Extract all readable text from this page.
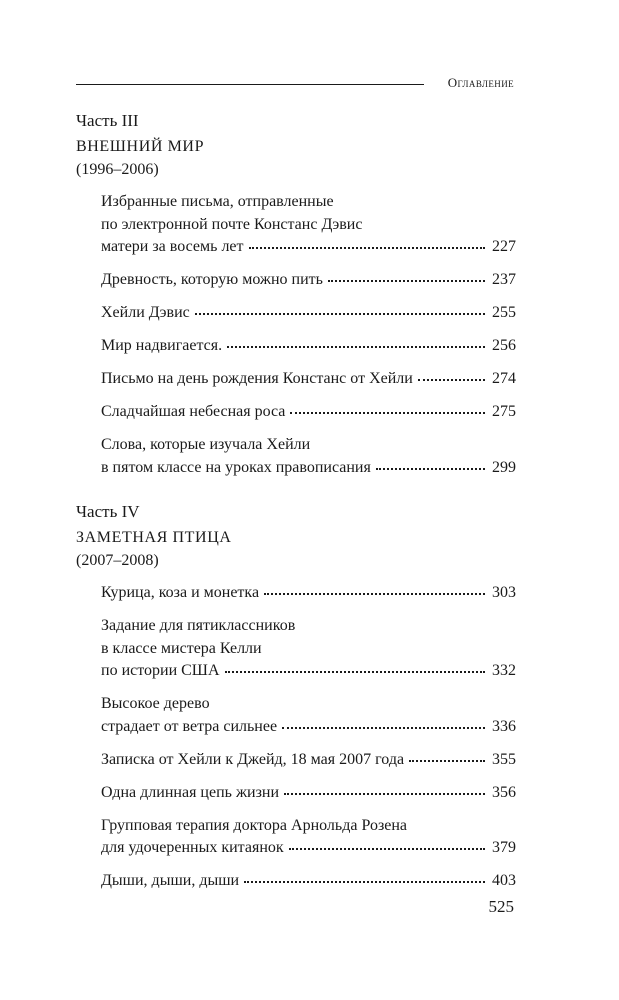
Оглавление
Часть III
ВНЕШНИЙ МИР
(1996–2006)
Избранные письма, отправленные
по электронной почте Констанс Дэвис
матери за восемь лет	227
Древность, которую можно пить	237
Хейли Дэвис	255
Мир надвигается.	256
Письмо на день рождения Констанс от Хейли	274
Сладчайшая небесная роса	275
Слова, которые изучала Хейли
в пятом классе на уроках правописания	299
Часть IV
ЗАМЕТНАЯ ПТИЦА
(2007–2008)
Курица, коза и монетка	303
Задание для пятиклассников
в классе мистера Келли
по истории США	332
Высокое дерево
страдает от ветра сильнее	336
Записка от Хейли к Джейд, 18 мая 2007 года	355
Одна длинная цепь жизни	356
Групповая терапия доктора Арнольда Розена
для удочеренных китаянок	379
Дыши, дыши, дыши	403
525
